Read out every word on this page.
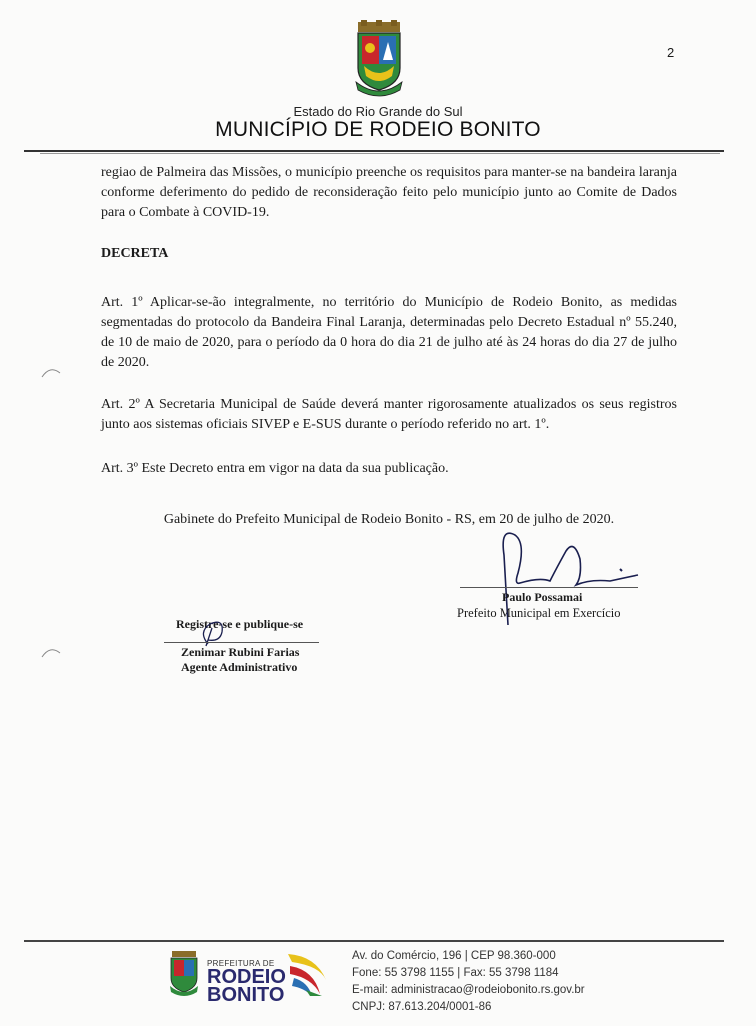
2
Estado do Rio Grande do Sul
MUNICÍPIO DE RODEIO BONITO
regiao de Palmeira das Missões, o município preenche os requisitos para manter-se na bandeira laranja conforme deferimento do pedido de reconsideração feito pelo município junto ao Comite de Dados para o Combate à COVID-19.
DECRETA
Art. 1º Aplicar-se-ão integralmente, no território do Município de Rodeio Bonito, as medidas segmentadas do protocolo da Bandeira Final Laranja, determinadas pelo Decreto Estadual nº 55.240, de 10 de maio de 2020, para o período da 0 hora do dia 21 de julho até às 24 horas do dia 27 de julho de 2020.
Art. 2º A Secretaria Municipal de Saúde deverá manter rigorosamente atualizados os seus registros junto aos sistemas oficiais SIVEP e E-SUS durante o período referido no art. 1º.
Art. 3º Este Decreto entra em vigor na data da sua publicação.
Gabinete do Prefeito Municipal de Rodeio Bonito - RS, em 20 de julho de 2020.
Paulo Possamai
Prefeito Municipal em Exercício
Registre-se e publique-se
Zenimar Rubini Farias
Agente Administrativo
PREFEITURA DE
RODEIO
BONITO
Av. do Comércio, 196 | CEP 98.360-000
Fone: 55 3798 1155 | Fax: 55 3798 1184
E-mail: administracao@rodeiobonito.rs.gov.br
CNPJ: 87.613.204/0001-86
